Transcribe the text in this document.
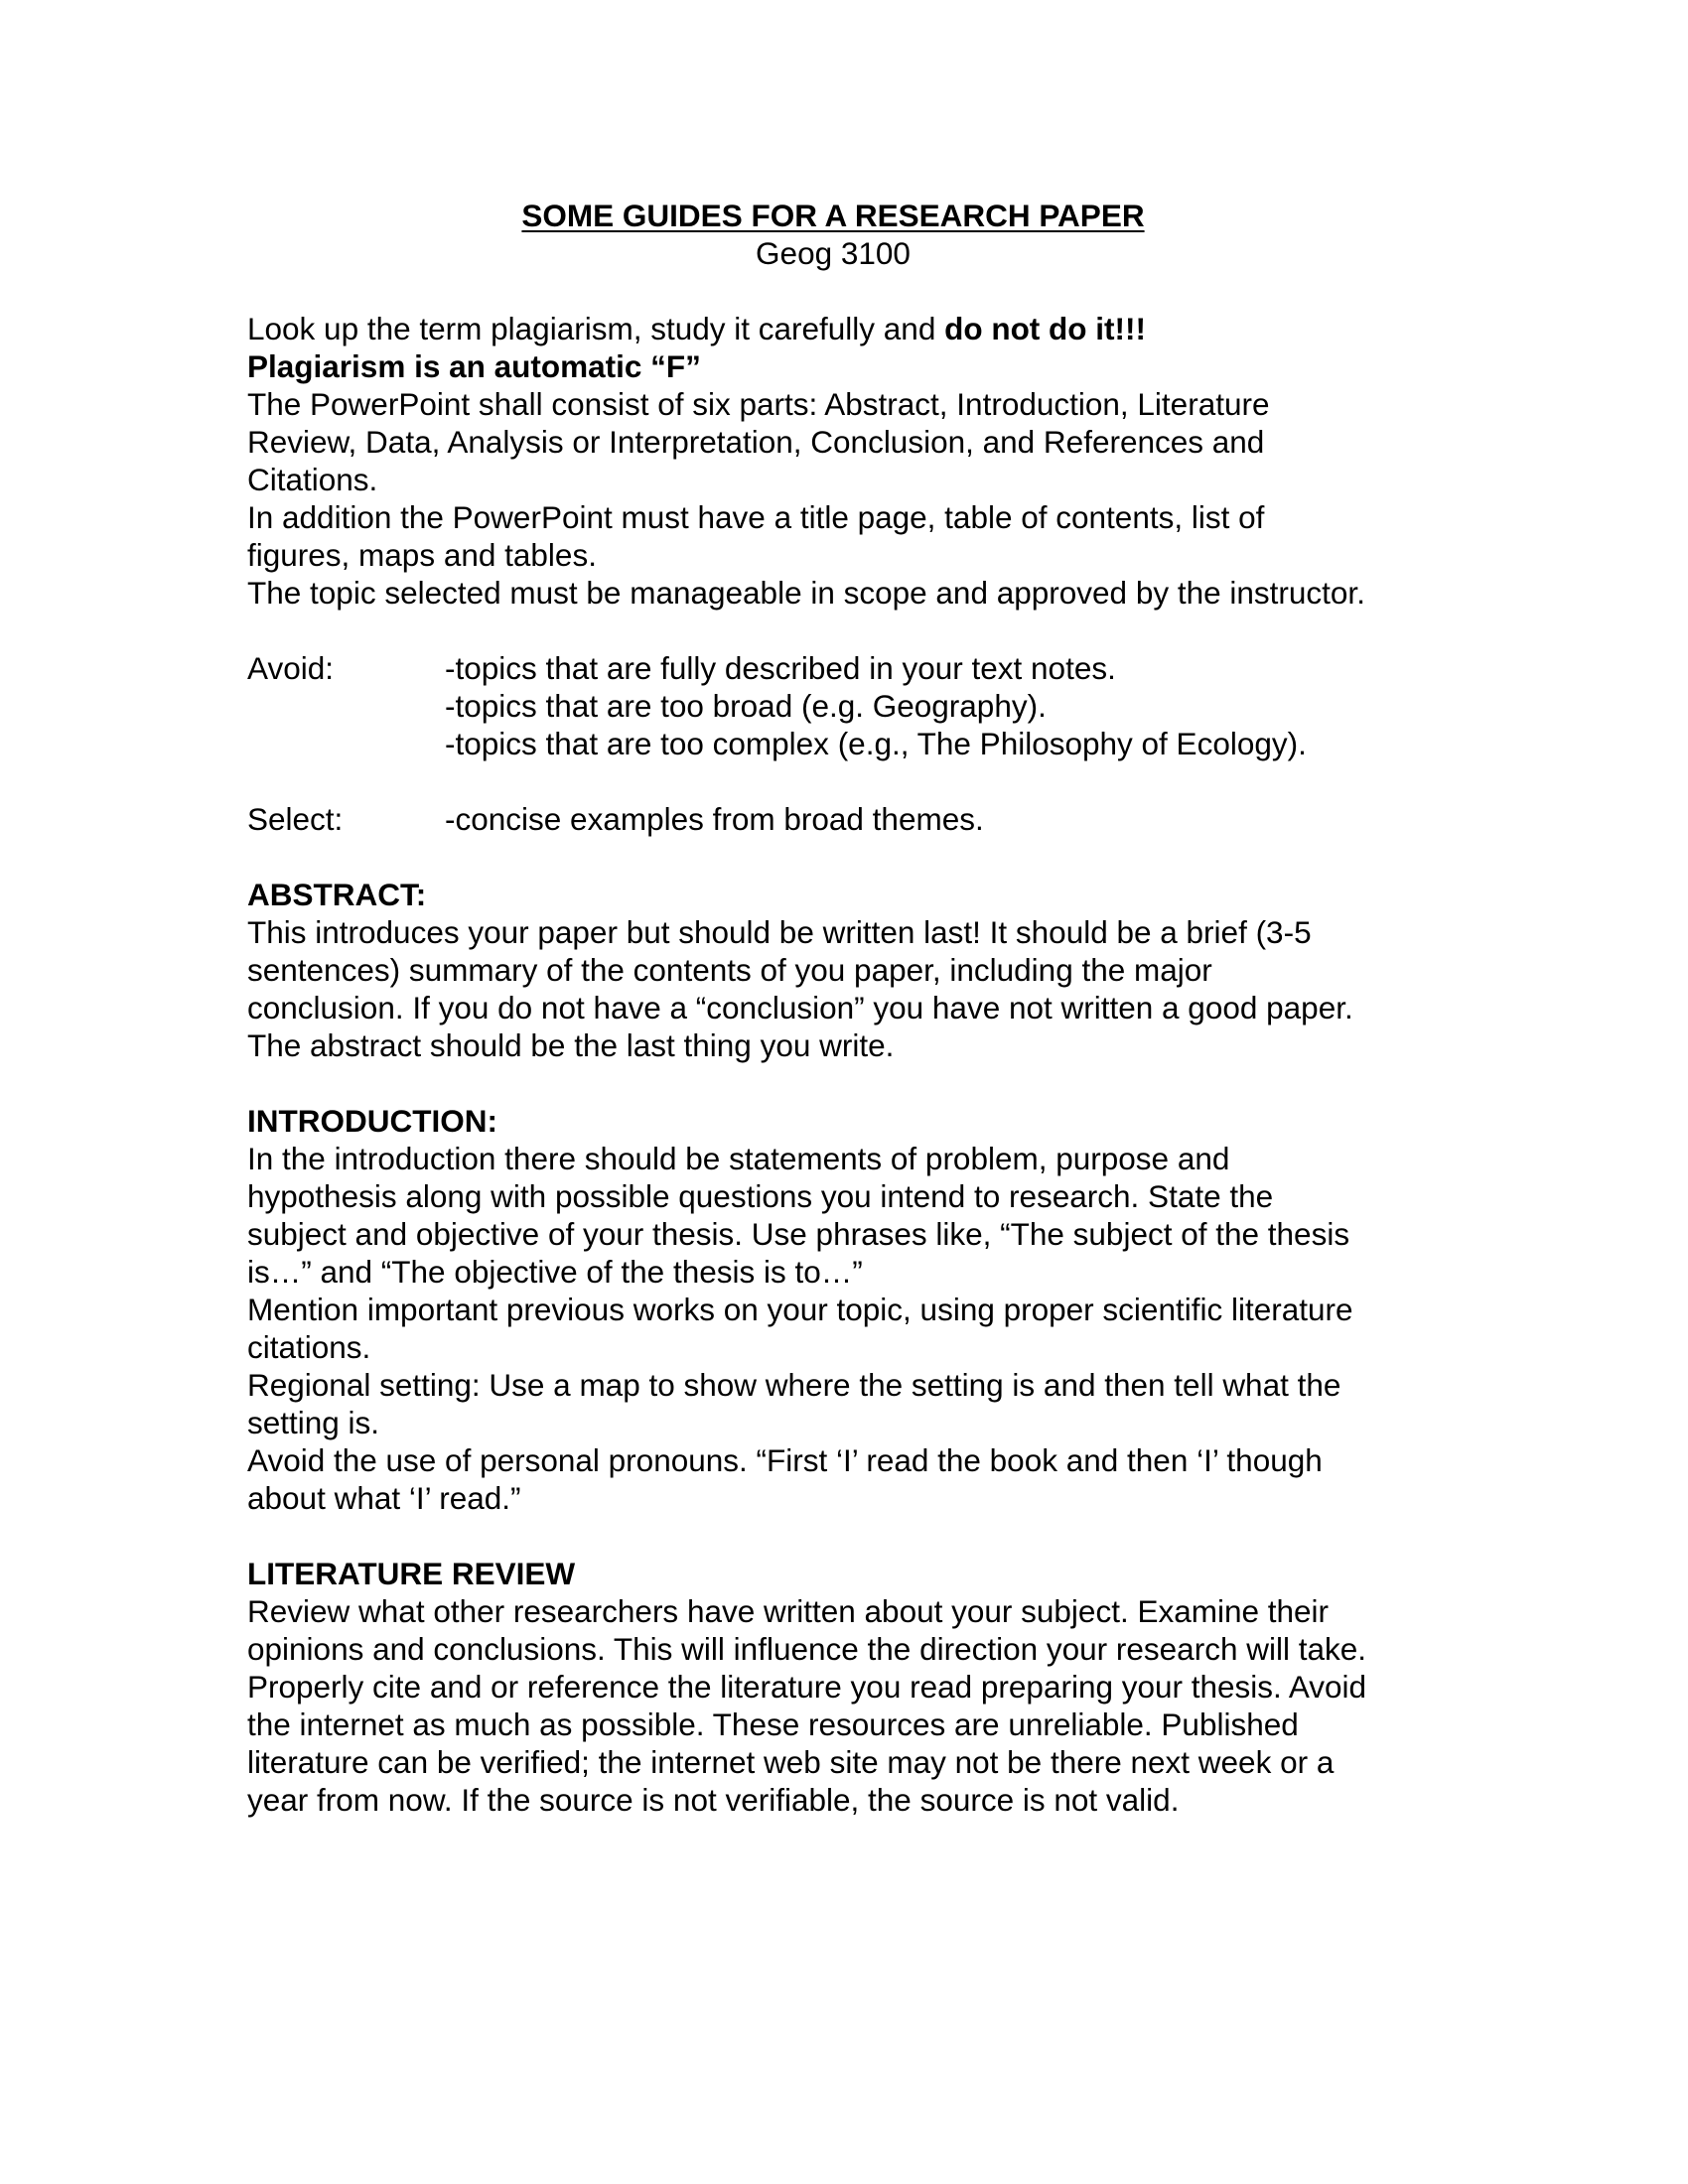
SOME GUIDES FOR A RESEARCH PAPER
Geog 3100
Look up the term plagiarism, study it carefully and do not do it!!!
Plagiarism is an automatic “F”
The PowerPoint shall consist of six parts: Abstract, Introduction, Literature
Review, Data, Analysis or Interpretation, Conclusion, and References and
Citations.
In addition the PowerPoint must have a title page, table of contents, list of
figures, maps and tables.
The topic selected must be manageable in scope and approved by the instructor.
Avoid:	-topics that are fully described in your text notes.
-topics that are too broad (e.g. Geography).
-topics that are too complex (e.g., The Philosophy of Ecology).
Select:	-concise examples from broad themes.
ABSTRACT:
This introduces your paper but should be written last! It should be a brief (3-5
sentences) summary of the contents of you paper, including the major
conclusion. If you do not have a “conclusion” you have not written a good paper.
The abstract should be the last thing you write.
INTRODUCTION:
In the introduction there should be statements of problem, purpose and
hypothesis along with possible questions you intend to research. State the
subject and objective of your thesis. Use phrases like, “The subject of the thesis
is…” and “The objective of the thesis is to…”
Mention important previous works on your topic, using proper scientific literature
citations.
Regional setting: Use a map to show where the setting is and then tell what the
setting is.
Avoid the use of personal pronouns. “First ‘I’ read the book and then ‘I’ though
about what ‘I’ read.”
LITERATURE REVIEW
Review what other researchers have written about your subject. Examine their
opinions and conclusions. This will influence the direction your research will take.
Properly cite and or reference the literature you read preparing your thesis. Avoid
the internet as much as possible. These resources are unreliable. Published
literature can be verified; the internet web site may not be there next week or a
year from now. If the source is not verifiable, the source is not valid.
